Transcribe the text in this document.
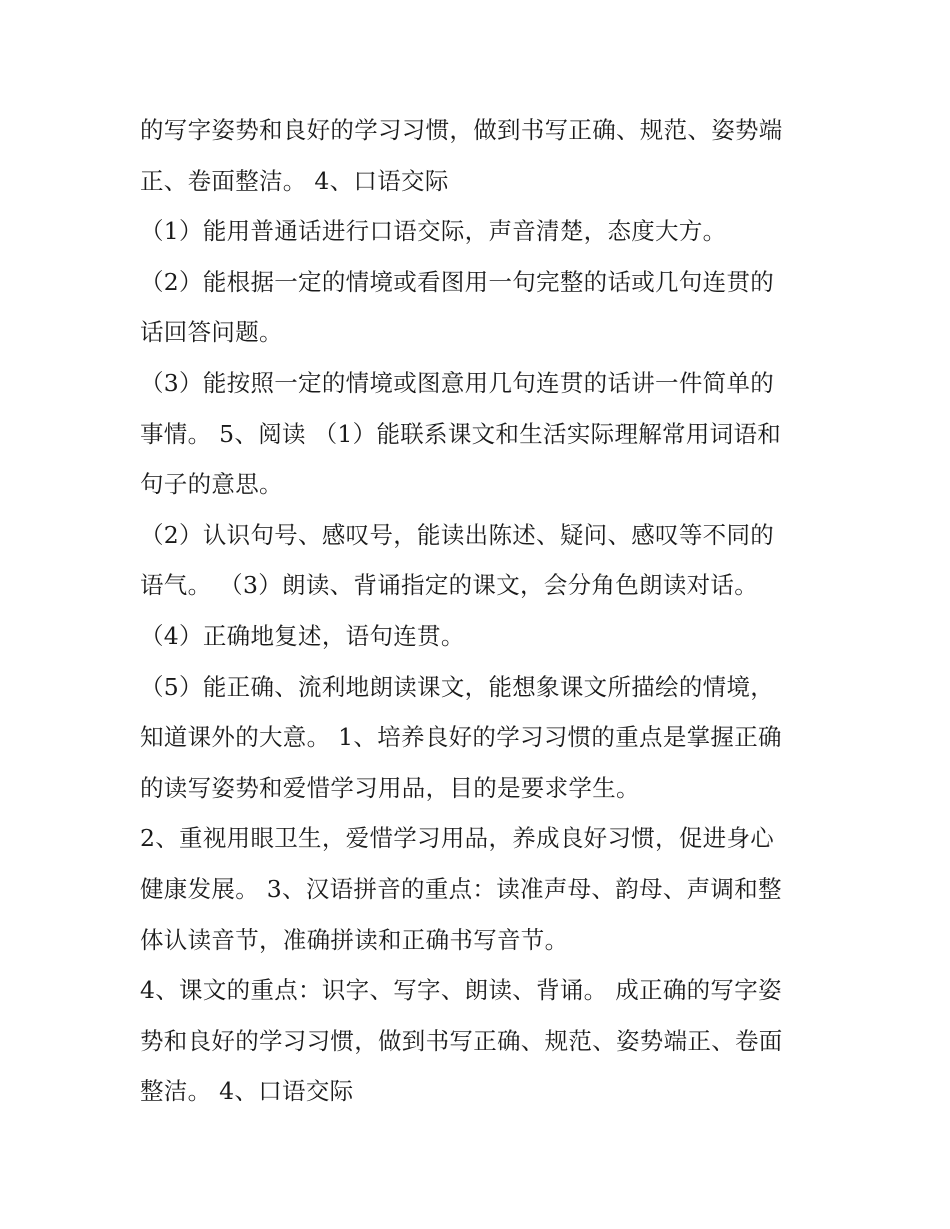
的写字姿势和良好的学习习惯，做到书写正确、规范、姿势端
正、卷面整洁。 4、口语交际
（1）能用普通话进行口语交际，声音清楚，态度大方。
（2）能根据一定的情境或看图用一句完整的话或几句连贯的
话回答问题。
（3）能按照一定的情境或图意用几句连贯的话讲一件简单的
事情。 5、阅读 （1）能联系课文和生活实际理解常用词语和
句子的意思。
（2）认识句号、感叹号，能读出陈述、疑问、感叹等不同的
语气。 （3）朗读、背诵指定的课文，会分角色朗读对话。
（4）正确地复述，语句连贯。
（5）能正确、流利地朗读课文，能想象课文所描绘的情境，
知道课外的大意。 1、培养良好的学习习惯的重点是掌握正确
的读写姿势和爱惜学习用品，目的是要求学生。
2、重视用眼卫生，爱惜学习用品，养成良好习惯，促进身心
健康发展。 3、汉语拼音的重点：读准声母、韵母、声调和整
体认读音节，准确拼读和正确书写音节。
4、课文的重点：识字、写字、朗读、背诵。 成正确的写字姿
势和良好的学习习惯，做到书写正确、规范、姿势端正、卷面
整洁。 4、口语交际
